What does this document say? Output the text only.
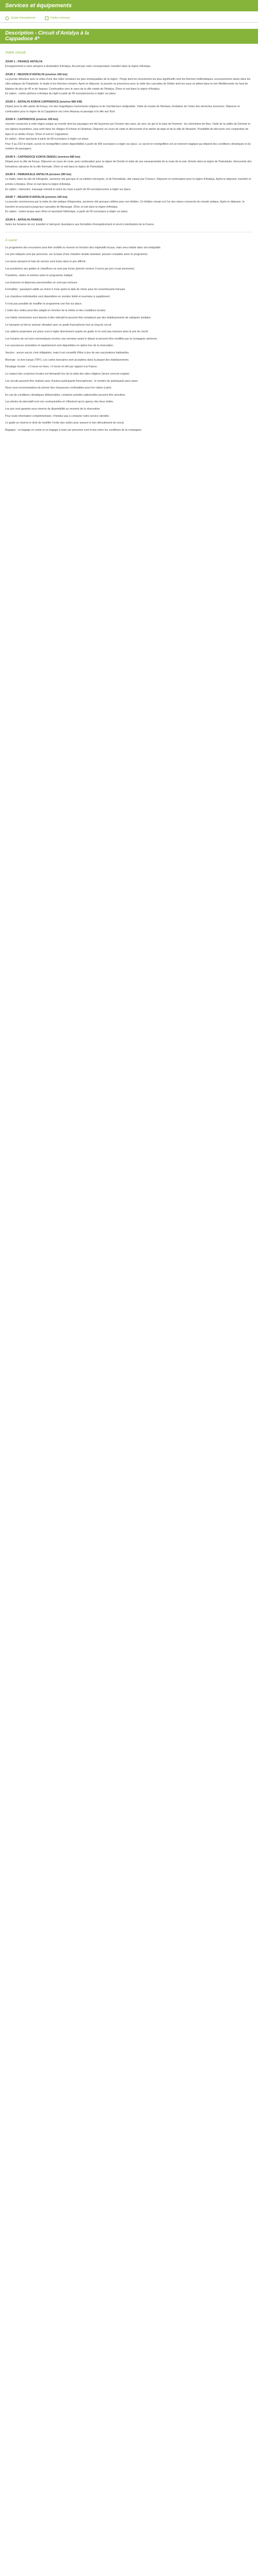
Services et équipements
Guide francophone	Visites incluses
Description - Circuit d'Antalya à la
Cappadoce 4*
Votre circuit
JOUR 1 : FRANCE ANTALYA
Enregistrement à votre aéroport à destination d'Antalya. Accueil par votre correspondant, transfert dans la région d'Antalya.
JOUR 2 : REGION D'ANTALYA (environ 100 km)
La journée débutera avec la visite d'une des villes romaines les plus remarquables de la région : Perge dont les monuments les plus significatifs sont les thermes hellénistiques, excessivement situés dans les cités antiques de Pamphylie, le stade et les thermes romains. Après le déjeuner, la journée se poursuivra avec la visite des cascades de Düden dont les eaux se jettent dans la mer Méditerranée du haut de falaises de plus de 40 m de hauteur. Continuation vers le cœur de la ville natale de l'Antalya. Dîner et nuit dans la région d'Antalya.
En option : soirée pêcheur à Antalya du night à partir de 45 euros/personne à régler sur place.
JOUR 3 : ANTALYA KONYA CAPPADOCE (environ 580 KM)
Départ pour la ville sainte de Konya, l'un des magnifiques monuments religieux et de l'architecture seldjoukide. Visite du musée de Mevlana, fondateur de l'ordre des derviches tourneurs. Déjeuner et continuation pour la région de la Cappadoce via Lemo Aksaray et passage à la ville aux Kizil.
JOUR 4 : CAPPADOCE (environ 100 km)
Journée consacrée à cette région unique au monde dont les paysages ont été façonnés par l'érosion des eaux, du vent, du gel et la main de l'homme : les cheminées de fées. Visite de la vallée de Göreme et ses églises byzantines, puis arrêt dans les villages d'Uchisar et Ortahisar. Déjeuner en cours de visite et découverte d'un atelier de tapis et de la ville de Nevsehir. Possibilité de découvrir une coopérative de tapis et un atelier d'onyx. Dîner et nuit en Cappadoce.
En option : dîner-spectacle à partir de 80 euros/pers à régler sur place.
Pour 4 au 2/10 le matin, survol en montgolfière (selon disponibilité) à partir de 400 euros/pers à régler sur place. Le survol en montgolfière est un moment magique qui dépend des conditions climatiques et du nombre de passagers.
JOUR 5 : CAPPADOCE KONYA DENIZLI (environ 680 km)
Départ pour la ville de Konya. Déjeuner en cours de route, puis continuation pour la région de Denizli et visite de ses caravansérails de la route de la soie. Arrivée dans la région de Pamukkale, découverte des formations calcaires de la ville thermale. Dîner et nuit dans la région de Pamukkale.
JOUR 6 : PAMUKKALE ANTALYA (environ 290 km)
Le matin, visite du site de Hiérapolis, ancienne cité grecque et sa célèbre nécropole, et de Pamukkale, site classé par l'Unesco. Déjeuner et continuation pour la région d'Antalya. Après le déjeuner, transfert et arrivée à Antalya. Dîner et nuit dans la région d'Antalya.
En option : Hammam, massage oriental et soins du corps à partir de 60 euros/personne à régler sur place.
JOUR 7 : REGION D'ANTALYA (environ 100 km)
La journée commencera par la visite du site antique d'Aspendos, ancienne cité grecque célèbre pour son théâtre. Ce théâtre romain est l'un des mieux conservés du monde antique. Après le déjeuner, le transfert se poursuivra jusqu'aux cascades de Manavgat. Dîner et nuit dans la région d'Antalya.
En option : soirée turque avec dîner et spectacle folklorique, à partir de 55 euros/pers à régler sur place.
JOUR 8 : ANTALYA FRANCE
Selon les horaires de vol, transfert à l'aéroport. Assistance aux formalités d'enregistrement et envol à destination de la France.
À savoir
Le programme des excursions peut être modifié ou inversé en fonction des impératifs locaux, mais sera réalisé dans son intégralité.
Les prix indiqués sont par personne, sur la base d'une chambre double standard, pension complète selon le programme.
Les taxes aéroport et frais de service sont inclus dans le prix affiché.
Les pourboires aux guides et chauffeurs ne sont pas inclus (prévoir environ 3 euros par jour et par personne).
Transferts, visites et entrées selon le programme indiqué.
Les boissons et dépenses personnelles ne sont pas incluses.
Formalités : passeport valide au moins 6 mois après la date de retour pour les ressortissants français.
Les chambres individuelles sont disponibles en nombre limité et soumises à supplément.
Il n'est pas possible de modifier le programme une fois sur place.
L'ordre des visites peut être adapté en fonction de la météo et des conditions locales.
Les hôtels mentionnés sont donnés à titre indicatif et peuvent être remplacés par des établissements de catégorie similaire.
Le transport se fait en autocar climatisé avec un guide francophone tout au long du circuit.
Les options proposées sur place sont à régler directement auprès du guide et ne sont pas incluses dans le prix du circuit.
Les horaires de vol sont communiqués environ une semaine avant le départ et peuvent être modifiés par la compagnie aérienne.
Les assurances annulation et rapatriement sont disponibles en option lors de la réservation.
Vaccins : aucun vaccin n'est obligatoire, mais il est conseillé d'être à jour de ses vaccinations habituelles.
Monnaie : la livre turque (TRY). Les cartes bancaires sont acceptées dans la plupart des établissements.
Décalage horaire : +1 heure en hiver, +1 heure en été par rapport à la France.
Le respect des coutumes locales est demandé lors de la visite des sites religieux (tenue correcte exigée).
Les circuits peuvent être réalisés avec d'autres participants francophones ; le nombre de participants peut varier.
Nous vous recommandons de prévoir des chaussures confortables pour les visites à pied.
En cas de conditions climatiques défavorables, certaines activités optionnelles peuvent être annulées.
Les photos du descriptif sont non contractuelles et n'illustrent qu'un aperçu des lieux visités.
Les prix sont garantis sous réserve de disponibilité au moment de la réservation.
Pour toute information complémentaire, n'hésitez pas à contacter notre service clientèle.
Le guide se réserve le droit de modifier l'ordre des visites pour assurer le bon déroulement du circuit.
Bagages : un bagage en soute et un bagage à main par personne sont inclus selon les conditions de la compagnie.
